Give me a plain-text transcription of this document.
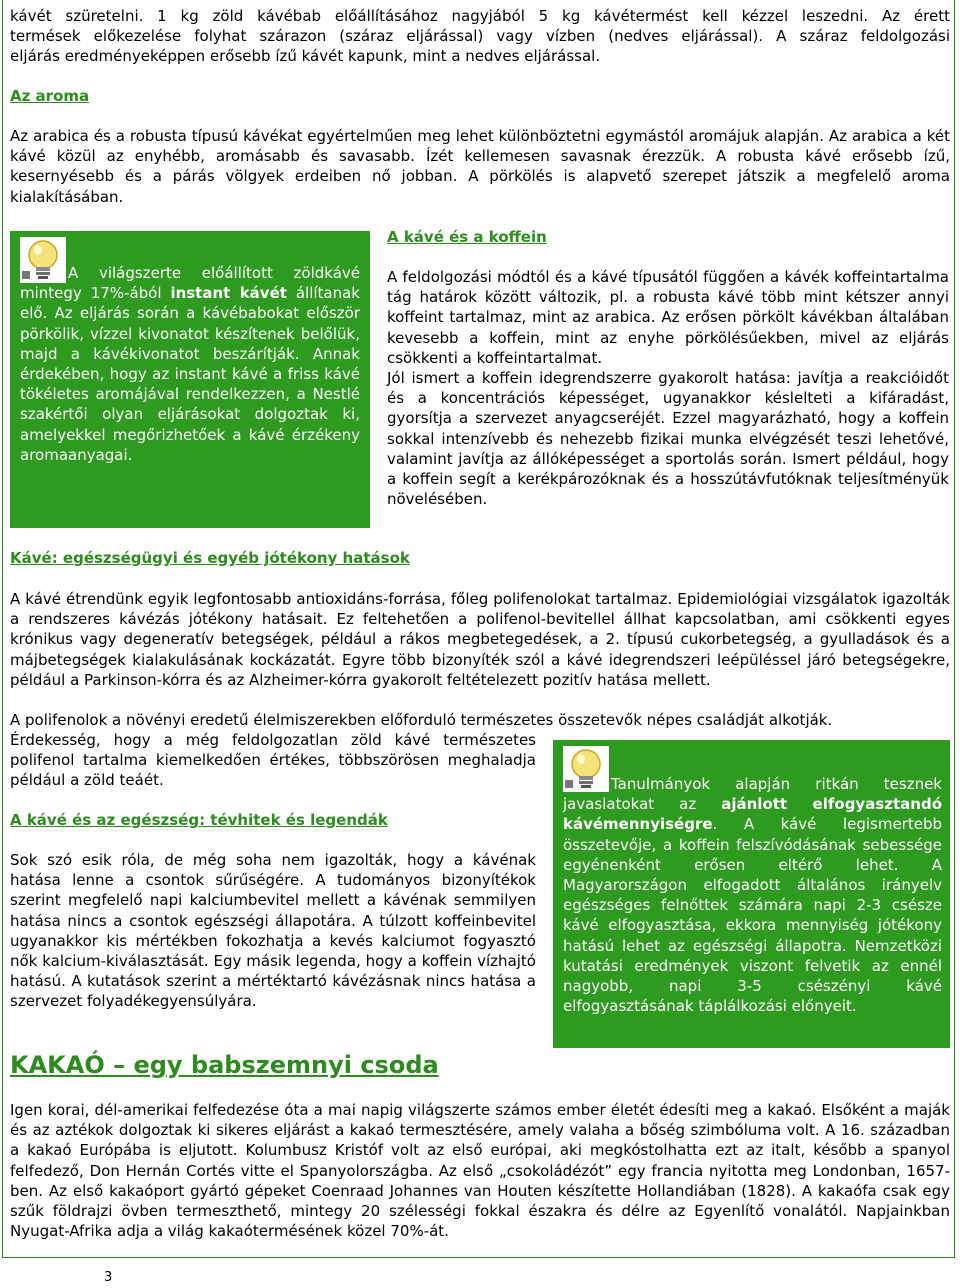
kávét szüretelni. 1 kg zöld kávébab előállításához nagyjából 5 kg kávétermést kell kézzel leszedni. Az érett
termések előkezelése folyhat szárazon (száraz eljárással) vagy vízben (nedves eljárással). A száraz feldolgozási
eljárás eredményeképpen erősebb ízű kávét kapunk, mint a nedves eljárással.
Az aroma

Az arabica és a robusta típusú kávékat egyértelműen meg lehet különböztetni egymástól aromájuk alapján. Az arabica a két kávé közül az enyhébb, aromásabb és savasabb. Ízét kellemesen savasnak érezzük. A robusta kávé erősebb ízű, kesernyésebb és a párás völgyek erdeiben nő jobban. A pörkölés is alapvető szerepet játszik a megfelelő aroma kialakításában.

A világszerte előállított zöldkávé mintegy 17%-ából instant kávét állítanak elő. Az eljárás során a kávébabokat először pörkölik, vízzel kivonatot készítenek belőlük, majd a kávékivonatot beszárítják. Annak érdekében, hogy az instant kávé a friss kávé tökéletes aromájával rendelkezzen, a Nestlé szakértői olyan eljárásokat dolgoztak ki, amelyekkel megőrizhetőek a kávé érzékeny aromaanyagai.

A kávé és a koffein

A feldolgozási módtól és a kávé típusától függően a kávék koffeintartalma tág határok között változik, pl. a robusta kávé több mint kétszer annyi koffeint tartalmaz, mint az arabica. Az erősen pörkölt kávékban általában kevesebb a koffein, mint az enyhe pörkölésűekben, mivel az eljárás csökkenti a koffeintartalmat.

Jól ismert a koffein idegrendszerre gyakorolt hatása: javítja a reakcióidőt és a koncentrációs képességet, ugyanakkor késlelteti a kifáradást, gyorsítja a szervezet anyagcseréjét. Ezzel magyarázható, hogy a koffein sokkal intenzívebb és nehezebb fizikai munka elvégzését teszi lehetővé, valamint javítja az állóképességet a sportolás során. Ismert például, hogy a koffein segít a kerékpározóknak és a hosszútávfutóknak teljesítményük növelésében.

Kávé: egészségügyi és egyéb jótékony hatások

A kávé étrendünk egyik legfontosabb antioxidáns-forrása, főleg polifenolokat tartalmaz. Epidemiológiai vizsgálatok igazolták a rendszeres kávézás jótékony hatásait. Ez feltehetően a polifenol-bevitellel állhat kapcsolatban, ami csökkenti egyes krónikus vagy degeneratív betegségek, például a rákos megbetegedések, a 2. típusú cukorbetegség, a gyulladások és a májbetegségek kialakulásának kockázatát. Egyre több bizonyíték szól a kávé idegrendszeri leépüléssel járó betegségekre, például a Parkinson-kórra és az Alzheimer-kórra gyakorolt feltételezett pozitív hatása mellett.

A polifenolok a növényi eredetű élelmiszerekben előforduló természetes összetevők népes családját alkotják.

Érdekesség, hogy a még feldolgozatlan zöld kávé természetes polifenol tartalma kiemelkedően értékes, többszörösen meghaladja például a zöld teáét.

A kávé és az egészség: tévhitek és legendák

Sok szó esik róla, de még soha nem igazolták, hogy a kávénak hatása lenne a csontok sűrűségére. A tudományos bizonyítékok szerint megfelelő napi kalciumbevitel mellett a kávénak semmilyen hatása nincs a csontok egészségi állapotára. A túlzott koffeinbevitel ugyanakkor kis mértékben fokozhatja a kevés kalciumot fogyasztó nők kalcium-kiválasztását. Egy másik legenda, hogy a koffein vízhajtó hatású. A kutatások szerint a mértéktartó kávézásnak nincs hatása a szervezet folyadékegyensúlyára.

Tanulmányok alapján ritkán tesznek javaslatokat az ajánlott elfogyasztandó kávémennyiségre. A kávé legismertebb összetevője, a koffein felszívódásának sebessége egyénenként erősen eltérő lehet. A Magyarországon elfogadott általános irányelv egészséges felnőttek számára napi 2-3 csésze kávé elfogyasztása, ekkora mennyiség jótékony hatású lehet az egészségi állapotra. Nemzetközi kutatási eredmények viszont felvetik az ennél nagyobb, napi 3-5 csészényi kávé elfogyasztásának táplálkozási előnyeit.

KAKAÓ – egy babszemnyi csoda

Igen korai, dél-amerikai felfedezése óta a mai napig világszerte számos ember életét édesíti meg a kakaó. Elsőként a maják és az aztékok dolgoztak ki sikeres eljárást a kakaó termesztésére, amely valaha a bőség szimbóluma volt. A 16. században a kakaó Európába is eljutott. Kolumbusz Kristóf volt az első európai, aki megkóstolhatta ezt az italt, később a spanyol felfedező, Don Hernán Cortés vitte el Spanyolországba. Az első „csokoládézót” egy francia nyitotta meg Londonban, 1657-ben. Az első kakaóport gyártó gépeket Coenraad Johannes van Houten készítette Hollandiában (1828). A kakaófa csak egy szűk földrajzi övben termeszthető, mintegy 20 szélességi fokkal északra és délre az Egyenlítő vonalától. Napjainkban Nyugat-Afrika adja a világ kakaótermésének közel 70%-át.

3
